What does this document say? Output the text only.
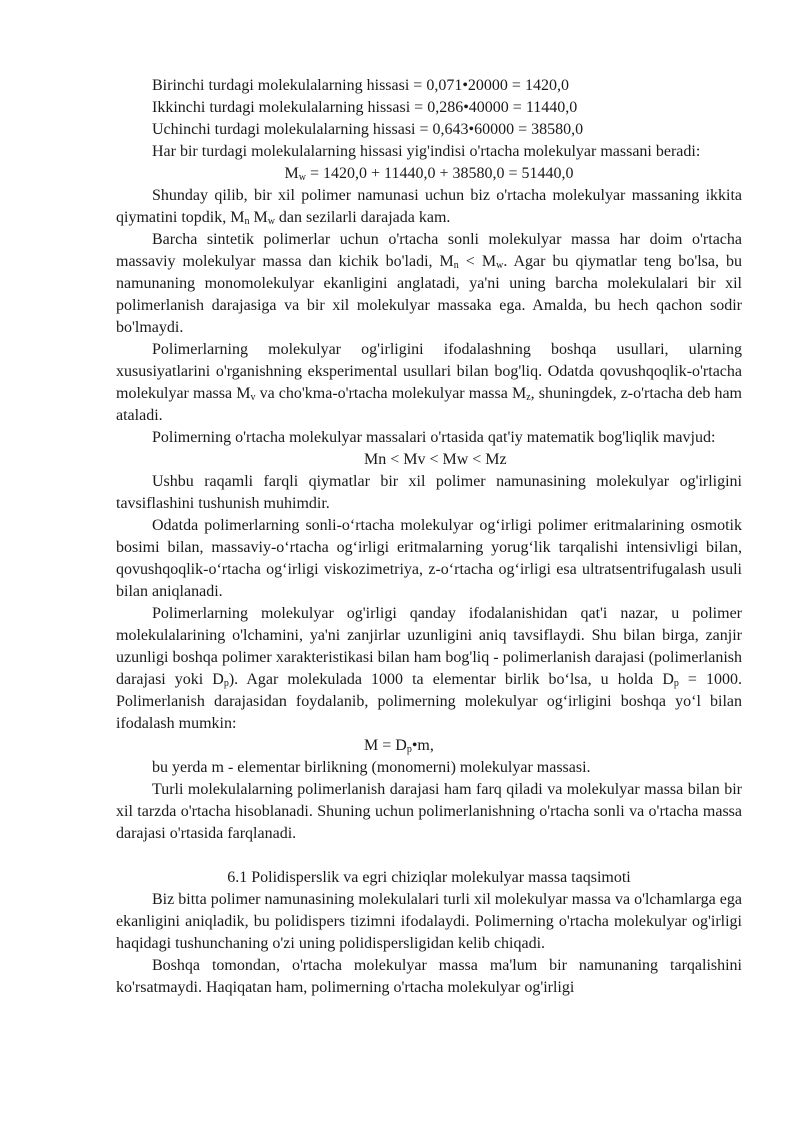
Birinchi turdagi molekulalarning hissasi = 0,071•20000 = 1420,0

Ikkinchi turdagi molekulalarning hissasi = 0,286•40000 = 11440,0

Uchinchi turdagi molekulalarning hissasi = 0,643•60000 = 38580,0

Har bir turdagi molekulalarning hissasi yig'indisi o'rtacha molekulyar massani beradi:

$M_w = 1420,0 + 11440,0 + 38580,0 = 51440,0$

Shunday qilib, bir xil polimer namunasi uchun biz o'rtacha molekulyar massaning ikkita qiymatini topdik, $M_n$ $M_w$ dan sezilarli darajada kam.

Barcha sintetik polimerlar uchun o'rtacha sonli molekulyar massa har doim o'rtacha massaviy molekulyar massa dan kichik bo'ladi, $M_n < M_w$. Agar bu qiymatlar teng bo'lsa, bu namunaning monomolekulyar ekanligini anglatadi, ya'ni uning barcha molekulalari bir xil polimerlanish darajasiga va bir xil molekulyar massaka ega. Amalda, bu hech qachon sodir bo'lmaydi.

Polimerlarning molekulyar og'irligini ifodalashning boshqa usullari, ularning xususiyatlarini o'rganishning eksperimental usullari bilan bog'liq. Odatda qovushqoqlik-o'rtacha molekulyar massa $M_v$ va cho'kma-o'rtacha molekulyar massa $M_z$, shuningdek, z-o'rtacha deb ham ataladi.

Polimerning o'rtacha molekulyar massalari o'rtasida qat'iy matematik bog'liqlik mavjud:

Mn < Mv < Mw < Mz

Ushbu raqamli farqli qiymatlar bir xil polimer namunasining molekulyar og'irligini tavsiflashini tushunish muhimdir.

Odatda polimerlarning sonli-o‘rtacha molekulyar og‘irligi polimer eritmalarining osmotik bosimi bilan, massaviy-o‘rtacha og‘irligi eritmalarning yorug‘lik tarqalishi intensivligi bilan, qovushqoqlik-o‘rtacha og‘irligi viskozimetriya, z-o‘rtacha og‘irligi esa ultratsentrifugalash usuli bilan aniqlanadi.

Polimerlarning molekulyar og'irligi qanday ifodalanishidan qat'i nazar, u polimer molekulalarining o'lchamini, ya'ni zanjirlar uzunligini aniq tavsiflaydi. Shu bilan birga, zanjir uzunligi boshqa polimer xarakteristikasi bilan ham bog'liq - polimerlanish darajasi (polimerlanish darajasi yoki $D_p$). Agar molekulada 1000 ta elementar birlik bo‘lsa, u holda $D_p = 1000$. Polimerlanish darajasidan foydalanib, polimerning molekulyar og‘irligini boshqa yo‘l bilan ifodalash mumkin:

$M = D_p•m$,

bu yerda m - elementar birlikning (monomerni) molekulyar massasi.

Turli molekulalarning polimerlanish darajasi ham farq qiladi va molekulyar massa bilan bir xil tarzda o'rtacha hisoblanadi. Shuning uchun polimerlanishning o'rtacha sonli va o'rtacha massa darajasi o'rtasida farqlanadi.

6.1 Polidisperslik va egri chiziqlar molekulyar massa taqsimoti

Biz bitta polimer namunasining molekulalari turli xil molekulyar massa va o'lchamlarga ega ekanligini aniqladik, bu polidispers tizimni ifodalaydi. Polimerning o'rtacha molekulyar og'irligi haqidagi tushunchaning o'zi uning polidispersligidan kelib chiqadi.

Boshqa tomondan, o'rtacha molekulyar massa ma'lum bir namunaning tarqalishini ko'rsatmaydi. Haqiqatan ham, polimerning o'rtacha molekulyar og'irligi
